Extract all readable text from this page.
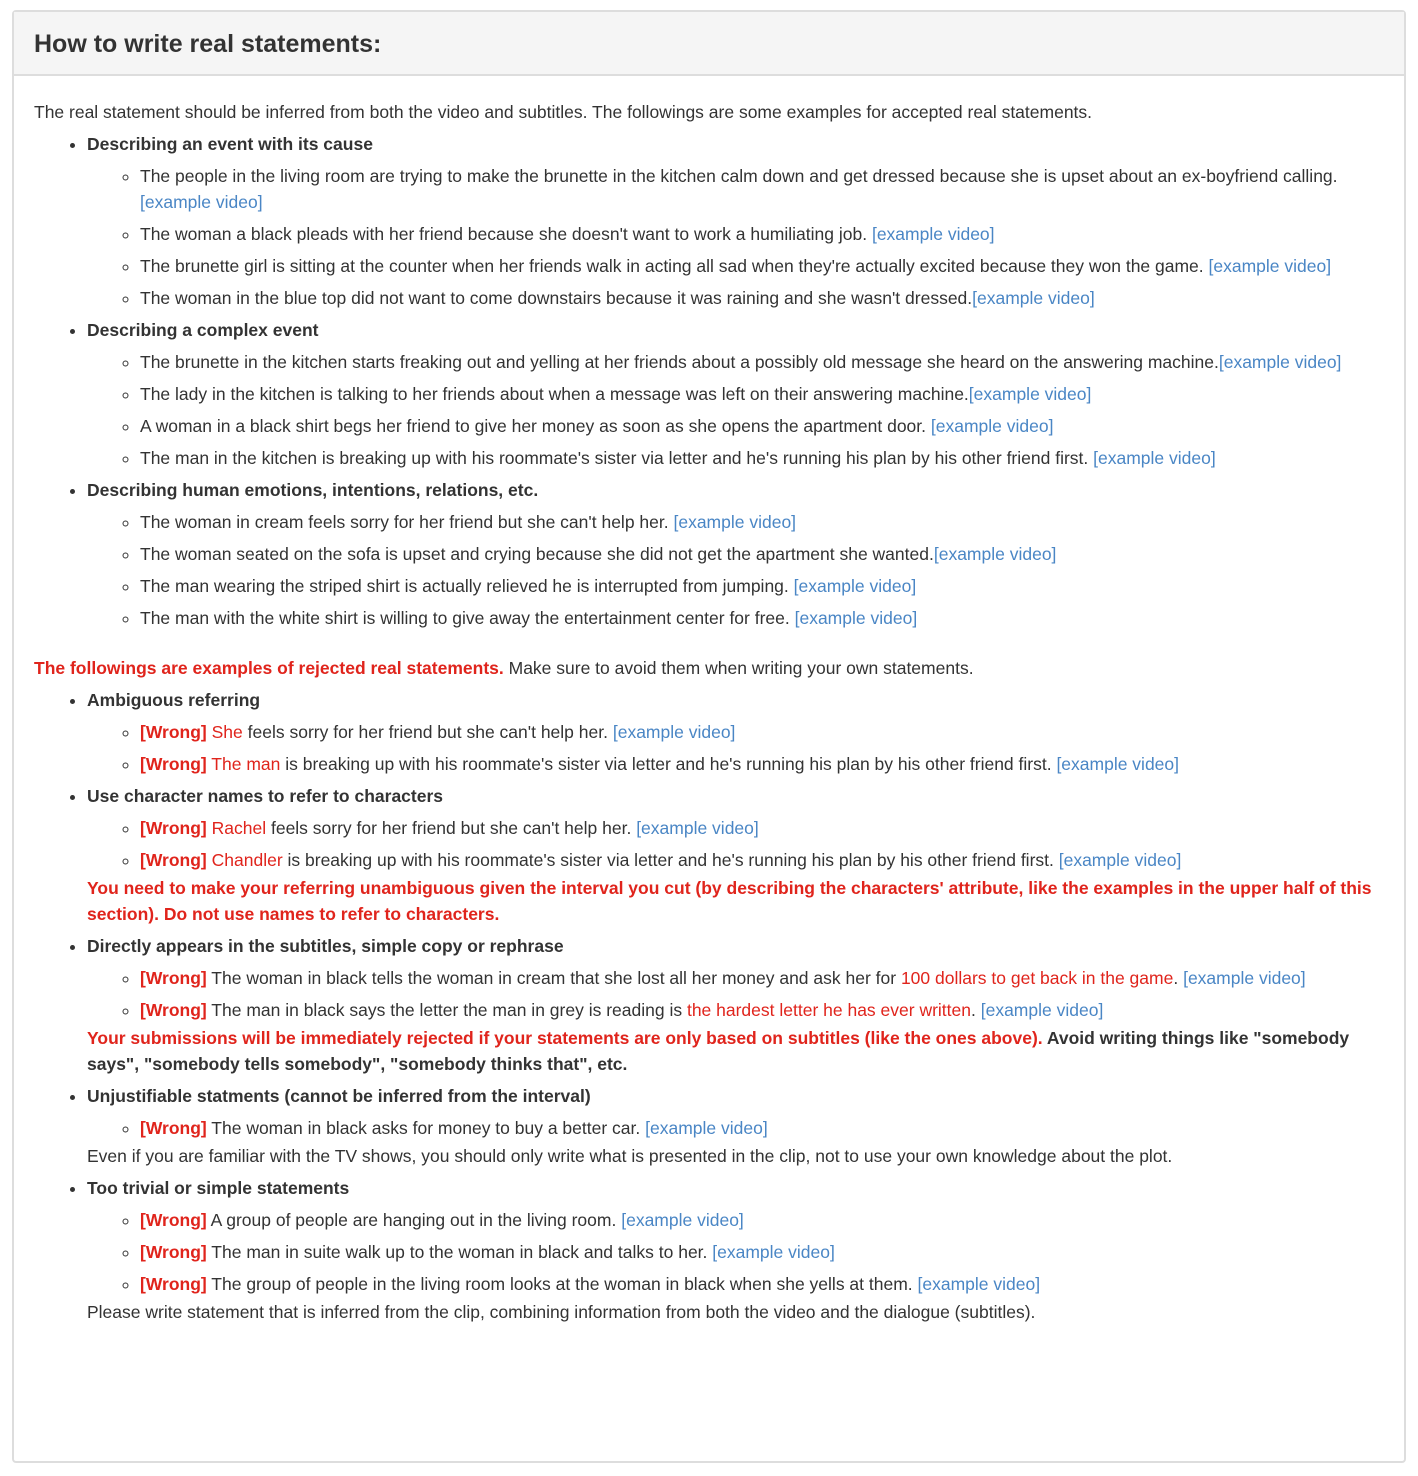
How to write real statements:

The real statement should be inferred from both the video and subtitles. The followings are some examples for accepted real statements.

• Describing an event with its cause
◦ The people in the living room are trying to make the brunette in the kitchen calm down and get dressed because she is upset about an ex-boyfriend calling. [example video]
◦ The woman a black pleads with her friend because she doesn't want to work a humiliating job. [example video]
◦ The brunette girl is sitting at the counter when her friends walk in acting all sad when they're actually excited because they won the game. [example video]
◦ The woman in the blue top did not want to come downstairs because it was raining and she wasn't dressed.[example video]
• Describing a complex event
◦ The brunette in the kitchen starts freaking out and yelling at her friends about a possibly old message she heard on the answering machine.[example video]
◦ The lady in the kitchen is talking to her friends about when a message was left on their answering machine.[example video]
◦ A woman in a black shirt begs her friend to give her money as soon as she opens the apartment door. [example video]
◦ The man in the kitchen is breaking up with his roommate's sister via letter and he's running his plan by his other friend first. [example video]
• Describing human emotions, intentions, relations, etc.
◦ The woman in cream feels sorry for her friend but she can't help her. [example video]
◦ The woman seated on the sofa is upset and crying because she did not get the apartment she wanted.[example video]
◦ The man wearing the striped shirt is actually relieved he is interrupted from jumping. [example video]
◦ The man with the white shirt is willing to give away the entertainment center for free. [example video]

The followings are examples of rejected real statements. Make sure to avoid them when writing your own statements.

• Ambiguous referring
◦ [Wrong] She feels sorry for her friend but she can't help her. [example video]
◦ [Wrong] The man is breaking up with his roommate's sister via letter and he's running his plan by his other friend first. [example video]
• Use character names to refer to characters
◦ [Wrong] Rachel feels sorry for her friend but she can't help her. [example video]
◦ [Wrong] Chandler is breaking up with his roommate's sister via letter and he's running his plan by his other friend first. [example video]
You need to make your referring unambiguous given the interval you cut (by describing the characters' attribute, like the examples in the upper half of this section). Do not use names to refer to characters.
• Directly appears in the subtitles, simple copy or rephrase
◦ [Wrong] The woman in black tells the woman in cream that she lost all her money and ask her for 100 dollars to get back in the game. [example video]
◦ [Wrong] The man in black says the letter the man in grey is reading is the hardest letter he has ever written. [example video]
Your submissions will be immediately rejected if your statements are only based on subtitles (like the ones above). Avoid writing things like "somebody says", "somebody tells somebody", "somebody thinks that", etc.
• Unjustifiable statments (cannot be inferred from the interval)
◦ [Wrong] The woman in black asks for money to buy a better car. [example video]
Even if you are familiar with the TV shows, you should only write what is presented in the clip, not to use your own knowledge about the plot.
• Too trivial or simple statements
◦ [Wrong] A group of people are hanging out in the living room. [example video]
◦ [Wrong] The man in suite walk up to the woman in black and talks to her. [example video]
◦ [Wrong] The group of people in the living room looks at the woman in black when she yells at them. [example video]
Please write statement that is inferred from the clip, combining information from both the video and the dialogue (subtitles).
